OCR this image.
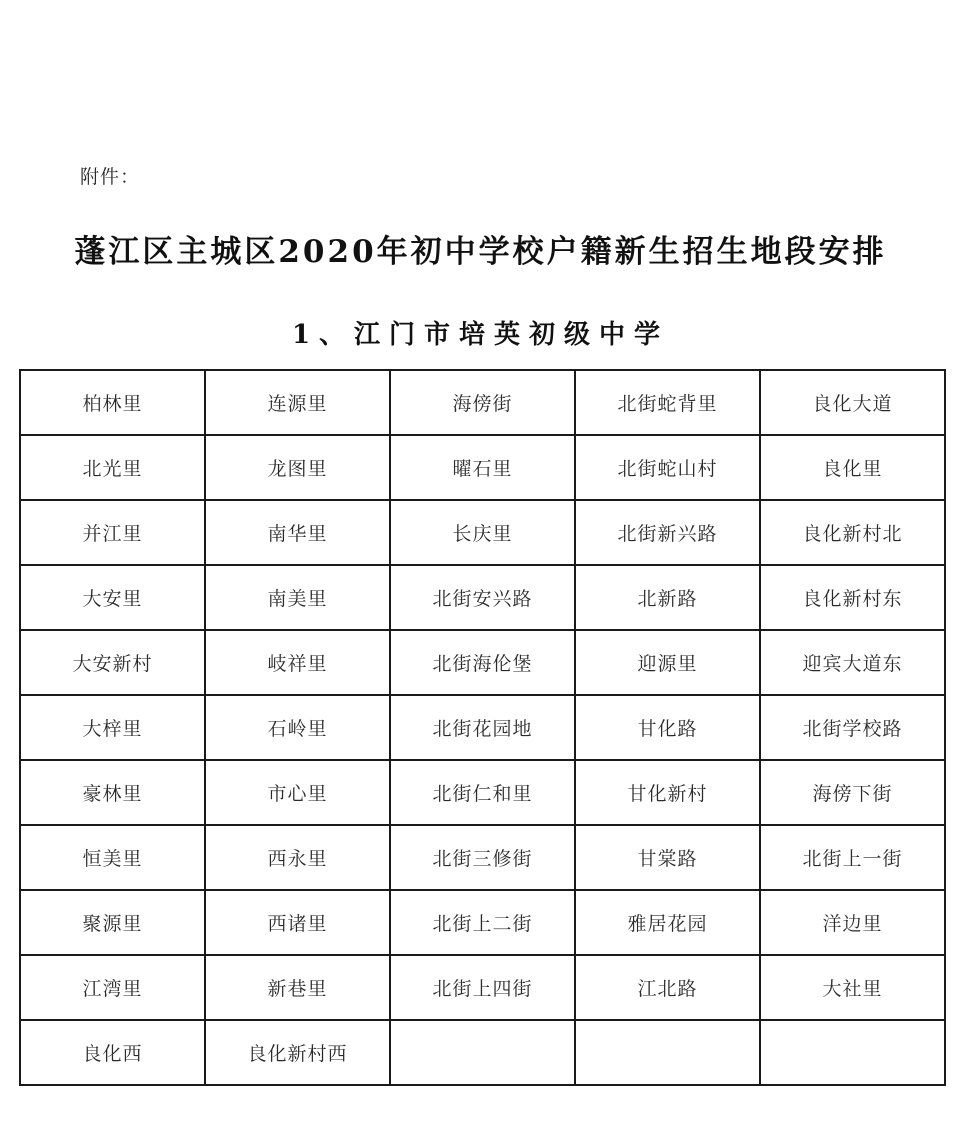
附件：
蓬江区主城区2020年初中学校户籍新生招生地段安排
1、江门市培英初级中学
柏林里	连源里	海傍街	北街蛇背里	良化大道
北光里	龙图里	曜石里	北街蛇山村	良化里
并江里	南华里	长庆里	北街新兴路	良化新村北
大安里	南美里	北街安兴路	北新路	良化新村东
大安新村	岐祥里	北街海伦堡	迎源里	迎宾大道东
大梓里	石岭里	北街花园地	甘化路	北街学校路
豪林里	市心里	北街仁和里	甘化新村	海傍下街
恒美里	西永里	北街三修街	甘棠路	北街上一街
聚源里	西诸里	北街上二街	雅居花园	洋边里
江湾里	新巷里	北街上四街	江北路	大社里
良化西	良化新村西			
